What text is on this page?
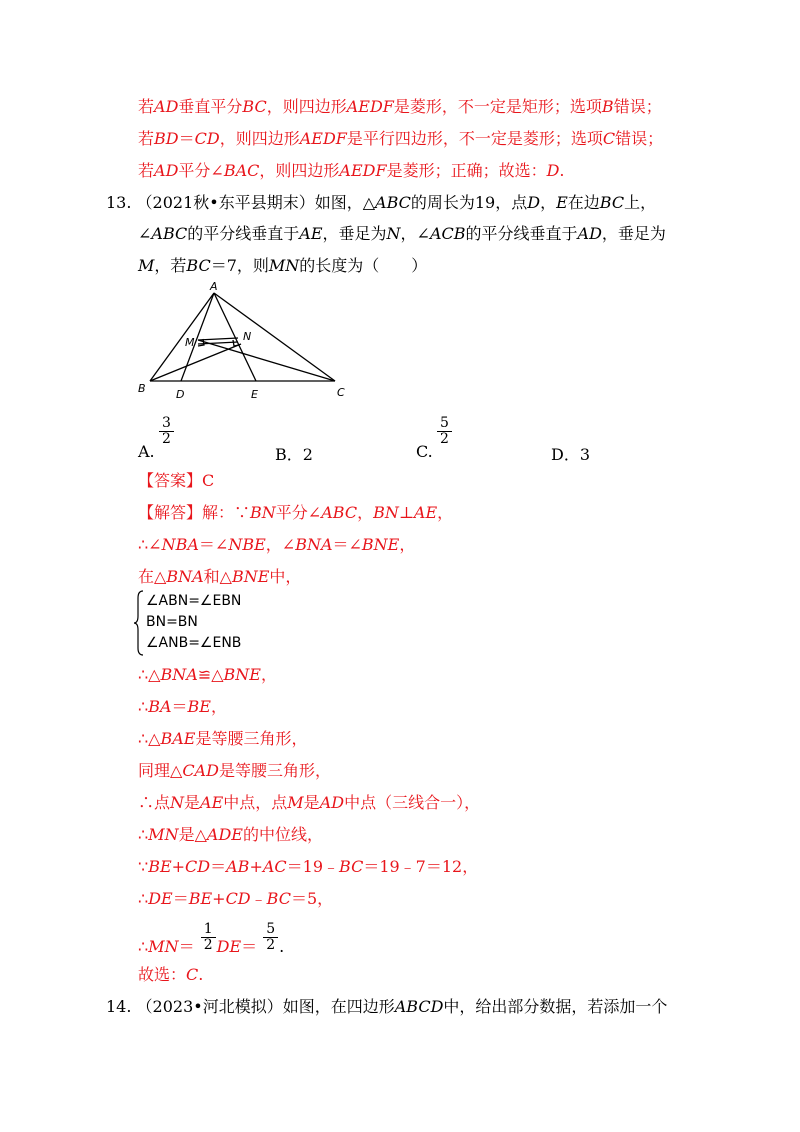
若AD垂直平分BC，则四边形AEDF是菱形，不一定是矩形；选项B错误；
若BD＝CD，则四边形AEDF是平行四边形，不一定是菱形；选项C错误；
若AD平分∠BAC，则四边形AEDF是菱形；正确；故选：D.
13. （2021秋•东平县期末）如图，△ABC的周长为19，点D，E在边BC上，
∠ABC的平分线垂直于AE，垂足为N，∠ACB的平分线垂直于AD，垂足为
M，若BC＝7，则MN的长度为（　　）
A
B	C
D	E
M	N
A.
$\frac{3}{2}$
B．2	C.
$\frac{5}{2}$
D．3
【答案】C
【解答】解：∵BN平分∠ABC，BN⊥AE，
∴∠NBA＝∠NBE，∠BNA＝∠BNE，
在△BNA和△BNE中，
∠ABN=∠EBN
BN=BN
∠ANB=∠ENB
∴△BNA≌△BNE，
∴BA＝BE，
∴△BAE是等腰三角形，
同理△CAD是等腰三角形，
∴点N是AE中点，点M是AD中点（三线合一），
∴MN是△ADE的中位线，
∵BE+CD＝AB+AC＝19﹣BC＝19﹣7＝12，
∴DE＝BE+CD﹣BC＝5，
∴MN＝ $\frac{1}{2} DE= \frac{5}{2}$ .
故选：C.
14. （2023•河北模拟）如图，在四边形ABCD中，给出部分数据，若添加一个
